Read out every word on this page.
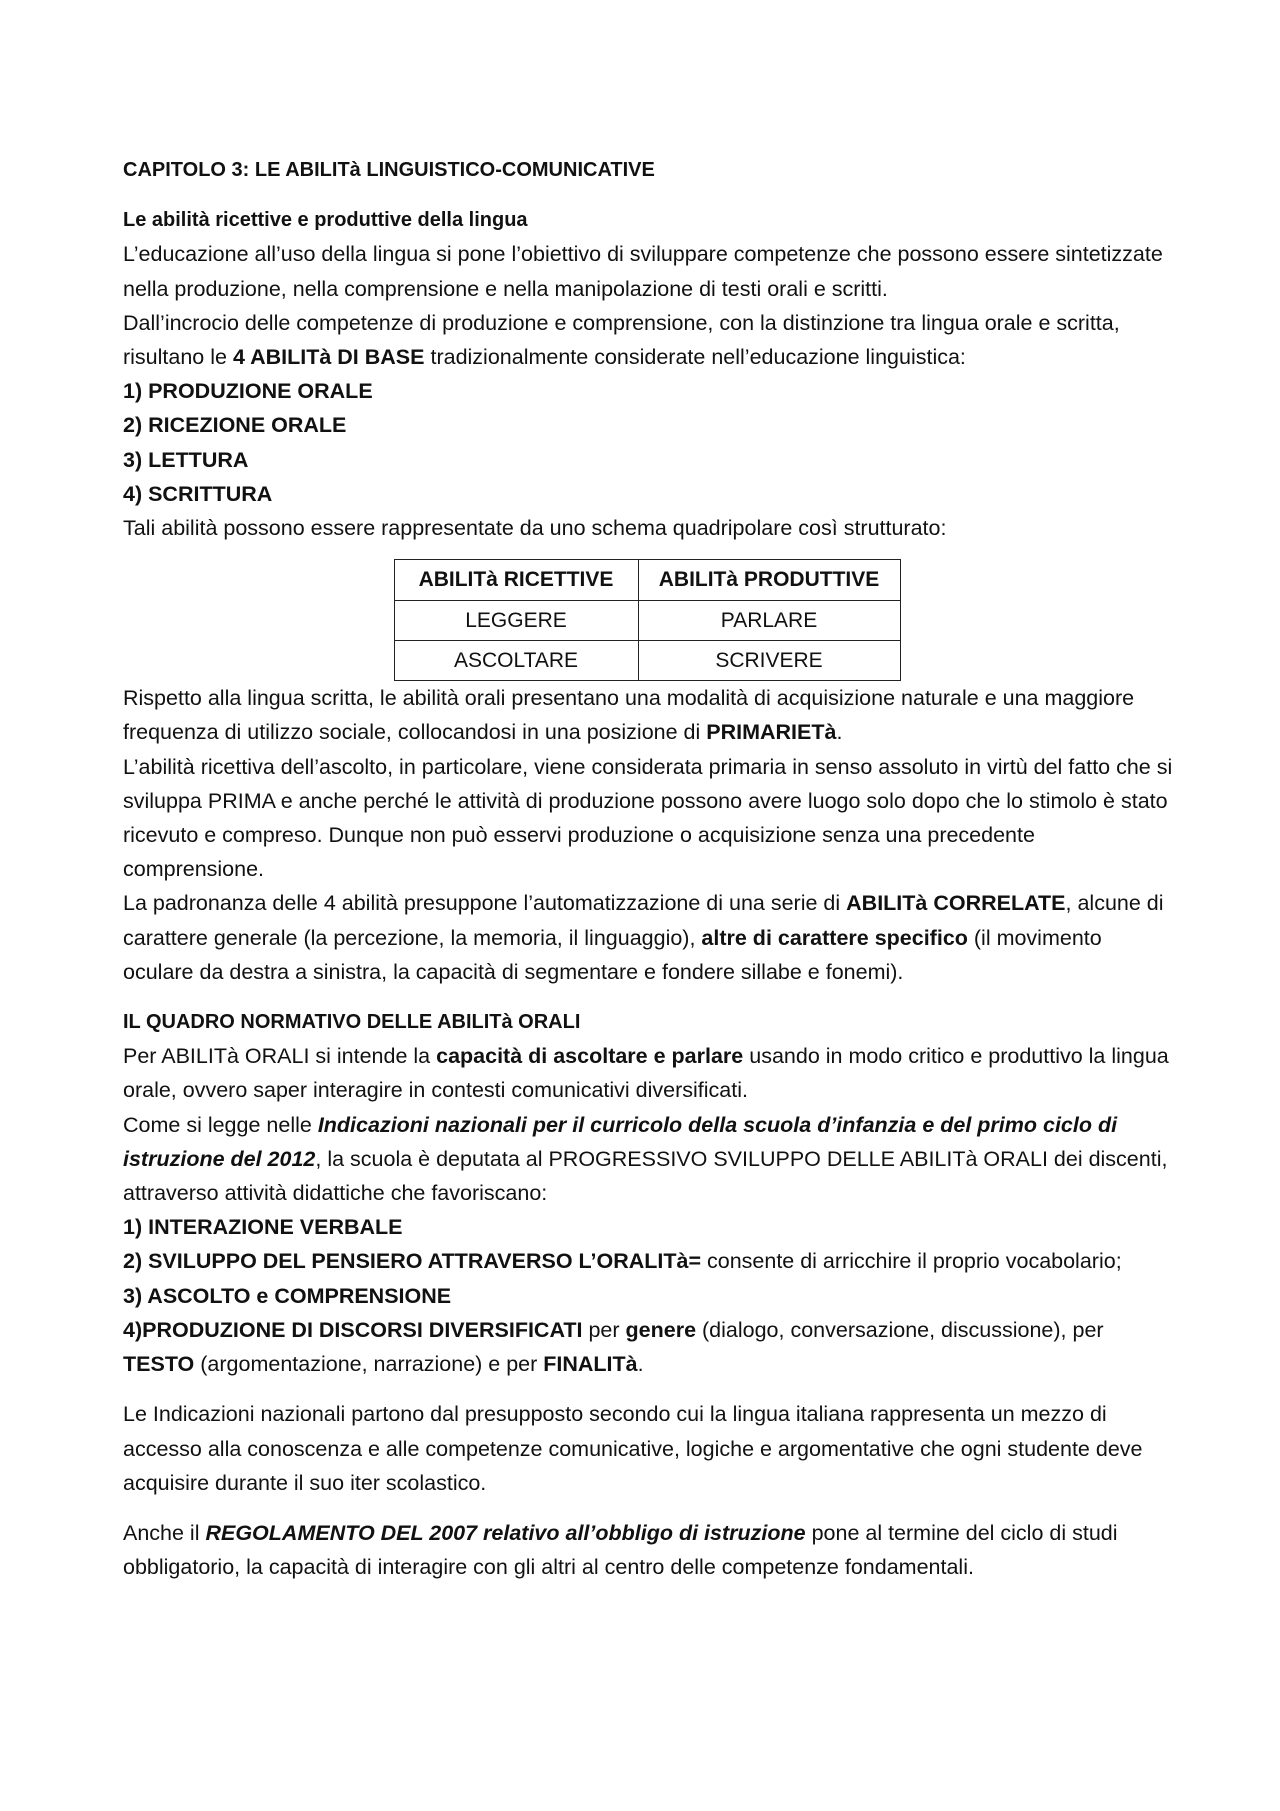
CAPITOLO 3: LE ABILITà LINGUISTICO-COMUNICATIVE

Le abilità ricettive e produttive della lingua

L’educazione all’uso della lingua si pone l’obiettivo di sviluppare competenze che possono essere sintetizzate nella produzione, nella comprensione e nella manipolazione di testi orali e scritti.

Dall’incrocio delle competenze di produzione e comprensione, con la distinzione tra lingua orale e scritta, risultano le 4 ABILITà DI BASE tradizionalmente considerate nell’educazione linguistica:

1) PRODUZIONE ORALE

2) RICEZIONE ORALE

3) LETTURA

4) SCRITTURA

Tali abilità possono essere rappresentate da uno schema quadripolare così strutturato:

ABILITà RICETTIVE	ABILITà PRODUTTIVE
LEGGERE	PARLARE
ASCOLTARE	SCRIVERE

Rispetto alla lingua scritta, le abilità orali presentano una modalità di acquisizione naturale e una maggiore frequenza di utilizzo sociale, collocandosi in una posizione di PRIMARIETà.

L’abilità ricettiva dell’ascolto, in particolare, viene considerata primaria in senso assoluto in virtù del fatto che si sviluppa PRIMA e anche perché le attività di produzione possono avere luogo solo dopo che lo stimolo è stato ricevuto e compreso. Dunque non può esservi produzione o acquisizione senza una precedente comprensione.

La padronanza delle 4 abilità presuppone l’automatizzazione di una serie di ABILITà CORRELATE, alcune di carattere generale (la percezione, la memoria, il linguaggio), altre di carattere specifico (il movimento oculare da destra a sinistra, la capacità di segmentare e fondere sillabe e fonemi).

IL QUADRO NORMATIVO DELLE ABILITà ORALI

Per ABILITà ORALI si intende la capacità di ascoltare e parlare usando in modo critico e produttivo la lingua orale, ovvero saper interagire in contesti comunicativi diversificati.

Come si legge nelle Indicazioni nazionali per il curricolo della scuola d’infanzia e del primo ciclo di istruzione del 2012, la scuola è deputata al PROGRESSIVO SVILUPPO DELLE ABILITà ORALI dei discenti, attraverso attività didattiche che favoriscano:

1) INTERAZIONE VERBALE

2) SVILUPPO DEL PENSIERO ATTRAVERSO L’ORALITà= consente di arricchire il proprio vocabolario;

3) ASCOLTO e COMPRENSIONE

4)PRODUZIONE DI DISCORSI DIVERSIFICATI per genere (dialogo, conversazione, discussione), per TESTO (argomentazione, narrazione) e per FINALITà.

Le Indicazioni nazionali partono dal presupposto secondo cui la lingua italiana rappresenta un mezzo di accesso alla conoscenza e alle competenze comunicative, logiche e argomentative che ogni studente deve acquisire durante il suo iter scolastico.

Anche il REGOLAMENTO DEL 2007 relativo all’obbligo di istruzione pone al termine del ciclo di studi obbligatorio, la capacità di interagire con gli altri al centro delle competenze fondamentali.
